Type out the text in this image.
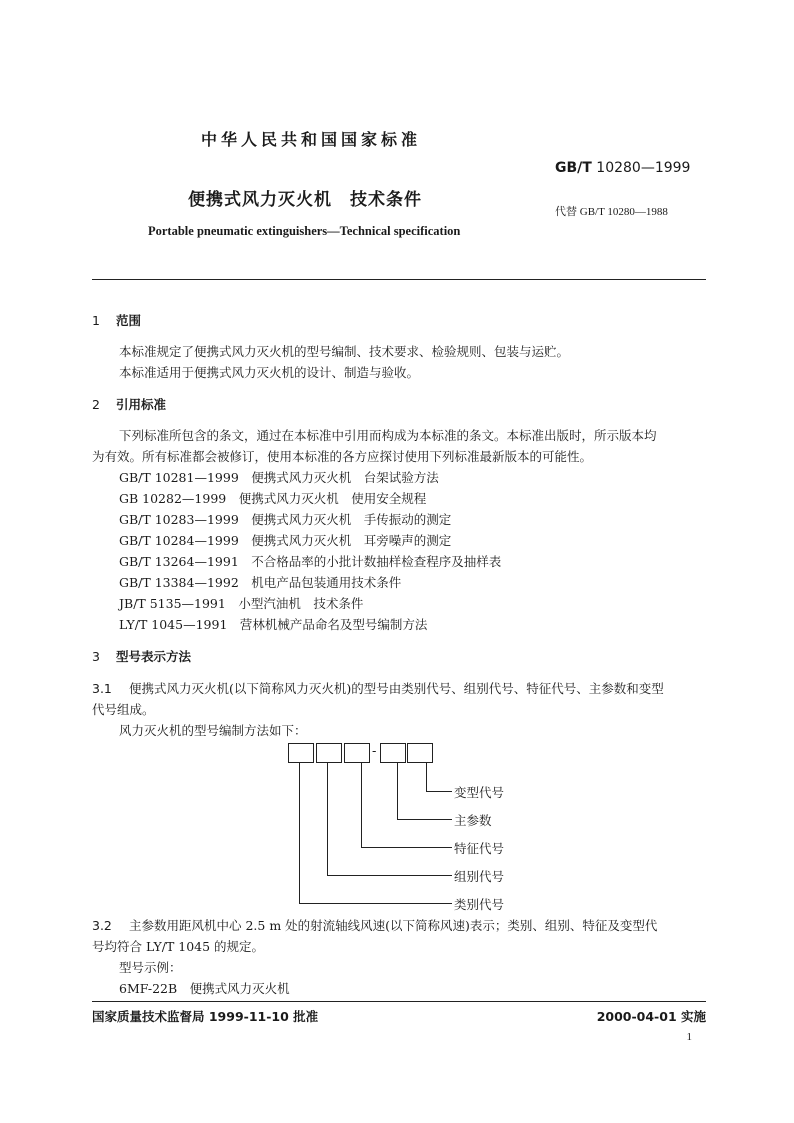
中华人民共和国国家标准
GB/T 10280—1999
便携式风力灭火机　技术条件
代替 GB/T 10280—1988
Portable pneumatic extinguishers—Technical specification
1 范围
本标准规定了便携式风力灭火机的型号编制、技术要求、检验规则、包装与运贮。
本标准适用于便携式风力灭火机的设计、制造与验收。
2 引用标准
下列标准所包含的条文，通过在本标准中引用而构成为本标准的条文。本标准出版时，所示版本均
为有效。所有标准都会被修订，使用本标准的各方应探讨使用下列标准最新版本的可能性。
GB/T 10281—1999　便携式风力灭火机　台架试验方法
GB 10282—1999　便携式风力灭火机　使用安全规程
GB/T 10283—1999　便携式风力灭火机　手传振动的测定
GB/T 10284—1999　便携式风力灭火机　耳旁噪声的测定
GB/T 13264—1991　不合格品率的小批计数抽样检查程序及抽样表
GB/T 13384—1992　机电产品包装通用技术条件
JB/T 5135—1991　小型汽油机　技术条件
LY/T 1045—1991　营林机械产品命名及型号编制方法
3 型号表示方法
3.1 便携式风力灭火机(以下简称风力灭火机)的型号由类别代号、组别代号、特征代号、主参数和变型
代号组成。
风力灭火机的型号编制方法如下：
-
变型代号
主参数
特征代号
组别代号
类别代号
3.2 主参数用距风机中心 2.5 m 处的射流轴线风速(以下简称风速)表示；类别、组别、特征及变型代
号均符合 LY/T 1045 的规定。
型号示例：
6MF-22B　便携式风力灭火机
国家质量技术监督局 1999-11-10 批准	2000-04-01 实施
1
